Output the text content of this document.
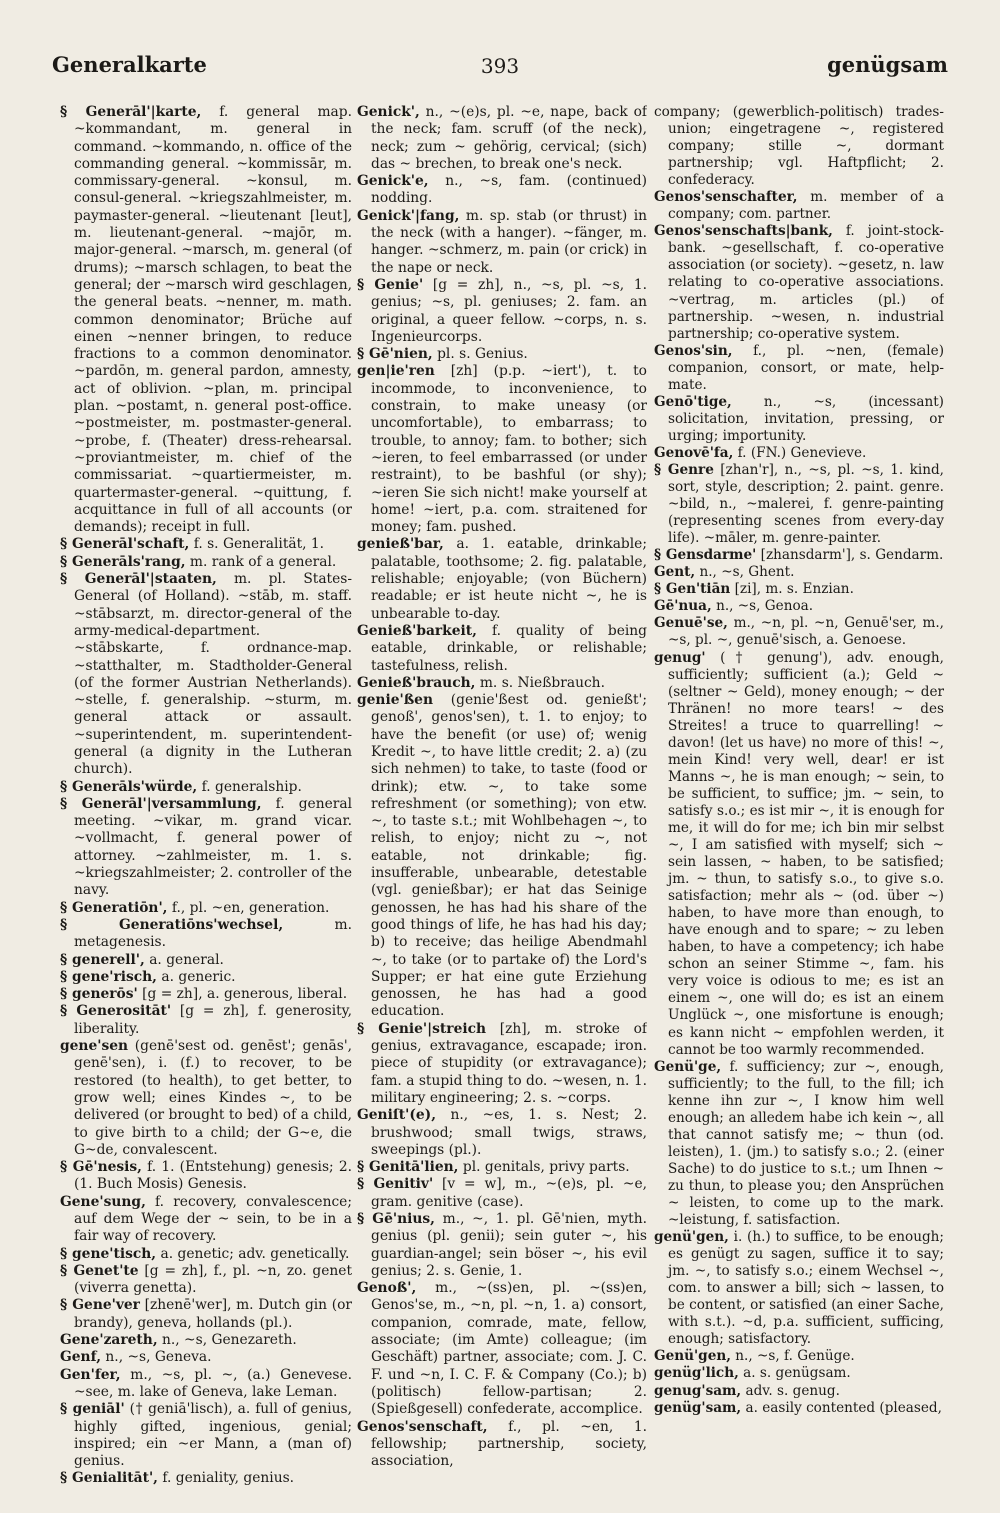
Generalkarte	393	genügsam

§ Generāl'|karte, f. general map. ~kommandant, m. general in command. ~kommando, n. office of the commanding general. ~kommissār, m. commissary-general. ~konsul, m. consul-general. ~kriegszahlmeister, m. paymaster-general. ~lieutenant [leut], m. lieutenant-general. ~majōr, m. major-general. ~marsch, m. general (of drums); ~marsch schlagen, to beat the general; der ~marsch wird geschlagen, the general beats. ~nenner, m. math. common denominator; Brüche auf einen ~nenner bringen, to reduce fractions to a common denominator. ~pardōn, m. general pardon, amnesty, act of oblivion. ~plan, m. principal plan. ~postamt, n. general post-office. ~postmeister, m. postmaster-general. ~probe, f. (Theater) dress-rehearsal. ~proviantmeister, m. chief of the commissariat. ~quartiermeister, m. quartermaster-general. ~quittung, f. acquittance in full of all accounts (or demands); receipt in full.

§ Generāl'schaft, f. s. Generalität, 1.

§ Generāls'rang, m. rank of a general.

§ Generāl'|staaten, m. pl. States-General (of Holland). ~stāb, m. staff. ~stābsarzt, m. director-general of the army-medical-department. ~stābskarte, f. ordnance-map. ~statthalter, m. Stadtholder-General (of the former Austrian Netherlands). ~stelle, f. generalship. ~sturm, m. general attack or assault. ~superintendent, m. superintendent-general (a dignity in the Lutheran church).

§ Generāls'würde, f. generalship.

§ Generāl'|versammlung, f. general meeting. ~vikar, m. grand vicar. ~vollmacht, f. general power of attorney. ~zahlmeister, m. 1. s. ~kriegszahlmeister; 2. controller of the navy.

§ Generatiōn', f., pl. ~en, generation.

§ Generatiōns'wechsel,	m. metagenesis.

§ generell', a. general.

§ gene'risch, a. generic.

§ generōs' [g = zh], a. generous, liberal.

§ Generositāt' [g = zh], f. generosity, liberality.

gene'sen (genē'sest od. genēst'; genās', genē'sen), i. (f.) to recover, to be restored (to health), to get better, to grow well; eines Kindes ~, to be delivered (or brought to bed) of a child, to give birth to a child; der G~e, die G~de, convalescent.

§ Gē'nesis, f. 1. (Entstehung) genesis; 2. (1. Buch Mosis) Genesis.

Gene'sung, f. recovery, convalescence; auf dem Wege der ~ sein, to be in a fair way of recovery.

§ gene'tisch, a. genetic; adv. genetically.

§ Genet'te [g = zh], f., pl. ~n, zo. genet (viverra genetta).

§ Gene'ver [zhenē'wer], m. Dutch gin (or brandy), geneva, hollands (pl.).

Gene'zareth, n., ~s, Genezareth.

Genf, n., ~s, Geneva.

Gen'fer, m., ~s, pl. ~, (a.) Genevese. ~see, m. lake of Geneva, lake Leman.

§ geniāl' († geniā'lisch), a. full of genius, highly gifted, ingenious, genial; inspired; ein ~er Mann, a (man of) genius.

§ Genialitāt', f. geniality, genius.

Genick', n., ~(e)s, pl. ~e, nape, back of the neck; fam. scruff (of the neck), neck; zum ~ gehörig, cervical; (sich) das ~ brechen, to break one's neck.

Genick'e, n., ~s, fam. (continued) nodding.

Genick'|fang, m. sp. stab (or thrust) in the neck (with a hanger). ~fänger, m. hanger. ~schmerz, m. pain (or crick) in the nape or neck.

§ Genie' [g = zh], n., ~s, pl. ~s, 1. genius; ~s, pl. geniuses; 2. fam. an original, a queer fellow. ~corps, n. s. Ingenieurcorps.

§ Gē'nien, pl. s. Genius.

gen|ie'ren [zh] (p.p. ~iert'), t. to incommode, to inconvenience, to constrain, to make uneasy (or uncomfortable), to embarrass; to trouble, to annoy; fam. to bother; sich ~ieren, to feel embarrassed (or under restraint), to be bashful (or shy); ~ieren Sie sich nicht! make yourself at home! ~iert, p.a. com. straitened for money; fam. pushed.

genieß'bar, a. 1. eatable, drinkable; palatable, toothsome; 2. fig. palatable, relishable; enjoyable; (von Büchern) readable; er ist heute nicht ~, he is unbearable to-day.

Genieß'barkeit, f. quality of being eatable, drinkable, or relishable; tastefulness, relish.

Genieß'brauch, m. s. Nießbrauch.

genie'ßen (genie'ßest od. genießt'; genoß', genos'sen), t. 1. to enjoy; to have the benefit (or use) of; wenig Kredit ~, to have little credit; 2. a) (zu sich nehmen) to take, to taste (food or drink); etw. ~, to take some refreshment (or something); von etw. ~, to taste s.t.; mit Wohlbehagen ~, to relish, to enjoy; nicht zu ~, not eatable, not drinkable; fig. insufferable, unbearable, detestable (vgl. genießbar); er hat das Seinige genossen, he has had his share of the good things of life, he has had his day; b) to receive; das heilige Abendmahl ~, to take (or to partake of) the Lord's Supper; er hat eine gute Erziehung genossen, he has had a good education.

§ Genie'|streich [zh], m. stroke of genius, extravagance, escapade; iron. piece of stupidity (or extravagance); fam. a stupid thing to do. ~wesen, n. 1. military engineering; 2. s. ~corps.

Geniſt'(e), n., ~es, 1. s. Nest; 2. brushwood; small twigs, straws, sweepings (pl.).

§ Genitā'lien, pl. genitals, privy parts.

§ Genitiv' [v = w], m., ~(e)s, pl. ~e, gram. genitive (case).

§ Gē'nius, m., ~, 1. pl. Gē'nien, myth. genius (pl. genii); sein guter ~, his guardian-angel; sein böser ~, his evil genius; 2. s. Genie, 1.

Genoß', m., ~(ss)en, pl. ~(ss)en, Genos'se, m., ~n, pl. ~n, 1. a) consort, companion, comrade, mate, fellow, associate; (im Amte) colleague; (im Geschäft) partner, associate; com. J. C. F. und ~n, I. C. F. & Company (Co.); b) (politisch) fellow-partisan; 2. (Spießgesell) confederate, accomplice.

Genos'senschaft, f., pl. ~en, 1. fellowship; partnership, society, association,

company; (gewerblich-politisch) trades-union; eingetragene ~, registered company; stille ~, dormant partnership; vgl. Haftpflicht; 2. confederacy.

Genos'senschafter, m. member of a company; com. partner.

Genos'senschafts|bank, f. joint-stock-bank. ~gesellschaft, f. co-operative association (or society). ~gesetz, n. law relating to co-operative associations. ~vertrag, m. articles (pl.) of partnership. ~wesen, n. industrial partnership; co-operative system.

Genos'sin, f., pl. ~nen, (female) companion, consort, or mate, help-mate.

Genō'tige, n., ~s, (incessant) solicitation, invitation, pressing, or urging; importunity.

Genovē'fa, f. (FN.) Genevieve.

§ Genre [zhan'r], n., ~s, pl. ~s, 1. kind, sort, style, description; 2. paint. genre. ~bild, n., ~malerei, f. genre-painting (representing scenes from every-day life). ~māler, m. genre-painter.

§ Gensdarme' [zhansdarm'], s. Gendarm.

Gent, n., ~s, Ghent.

§ Gen'tiān [zi], m. s. Enzian.

Gē'nua, n., ~s, Genoa.

Genuē'se, m., ~n, pl. ~n, Genuē'ser, m., ~s, pl. ~, genuē'sisch, a. Genoese.

genug' († genung'), adv. enough, sufficiently; sufficient (a.); Geld ~ (seltner ~ Geld), money enough; ~ der Thränen! no more tears! ~ des Streites! a truce to quarrelling! ~ davon! (let us have) no more of this! ~, mein Kind! very well, dear! er ist Manns ~, he is man enough; ~ sein, to be sufficient, to suffice; jm. ~ sein, to satisfy s.o.; es ist mir ~, it is enough for me, it will do for me; ich bin mir selbst ~, I am satisfied with myself; sich ~ sein lassen, ~ haben, to be satisfied; jm. ~ thun, to satisfy s.o., to give s.o. satisfaction; mehr als ~ (od. über ~) haben, to have more than enough, to have enough and to spare; ~ zu leben haben, to have a competency; ich habe schon an seiner Stimme ~, fam. his very voice is odious to me; es ist an einem ~, one will do; es ist an einem Unglück ~, one misfortune is enough; es kann nicht ~ empfohlen werden, it cannot be too warmly recommended.

Genü'ge, f. sufficiency; zur ~, enough, sufficiently; to the full, to the fill; ich kenne ihn zur ~, I know him well enough; an alledem habe ich kein ~, all that cannot satisfy me; ~ thun (od. leisten), 1. (jm.) to satisfy s.o.; 2. (einer Sache) to do justice to s.t.; um Ihnen ~ zu thun, to please you; den Ansprüchen ~ leisten, to come up to the mark. ~leistung, f. satisfaction.

genü'gen, i. (h.) to suffice, to be enough; es genügt zu sagen, suffice it to say; jm. ~, to satisfy s.o.; einem Wechsel ~, com. to answer a bill; sich ~ lassen, to be content, or satisfied (an einer Sache, with s.t.). ~d, p.a. sufficient, sufficing, enough; satisfactory.

Genü'gen, n., ~s, f. Genüge.

genüg'lich, a. s. genügsam.

genug'sam, adv. s. genug.

genüg'sam, a. easily contented (pleased,
